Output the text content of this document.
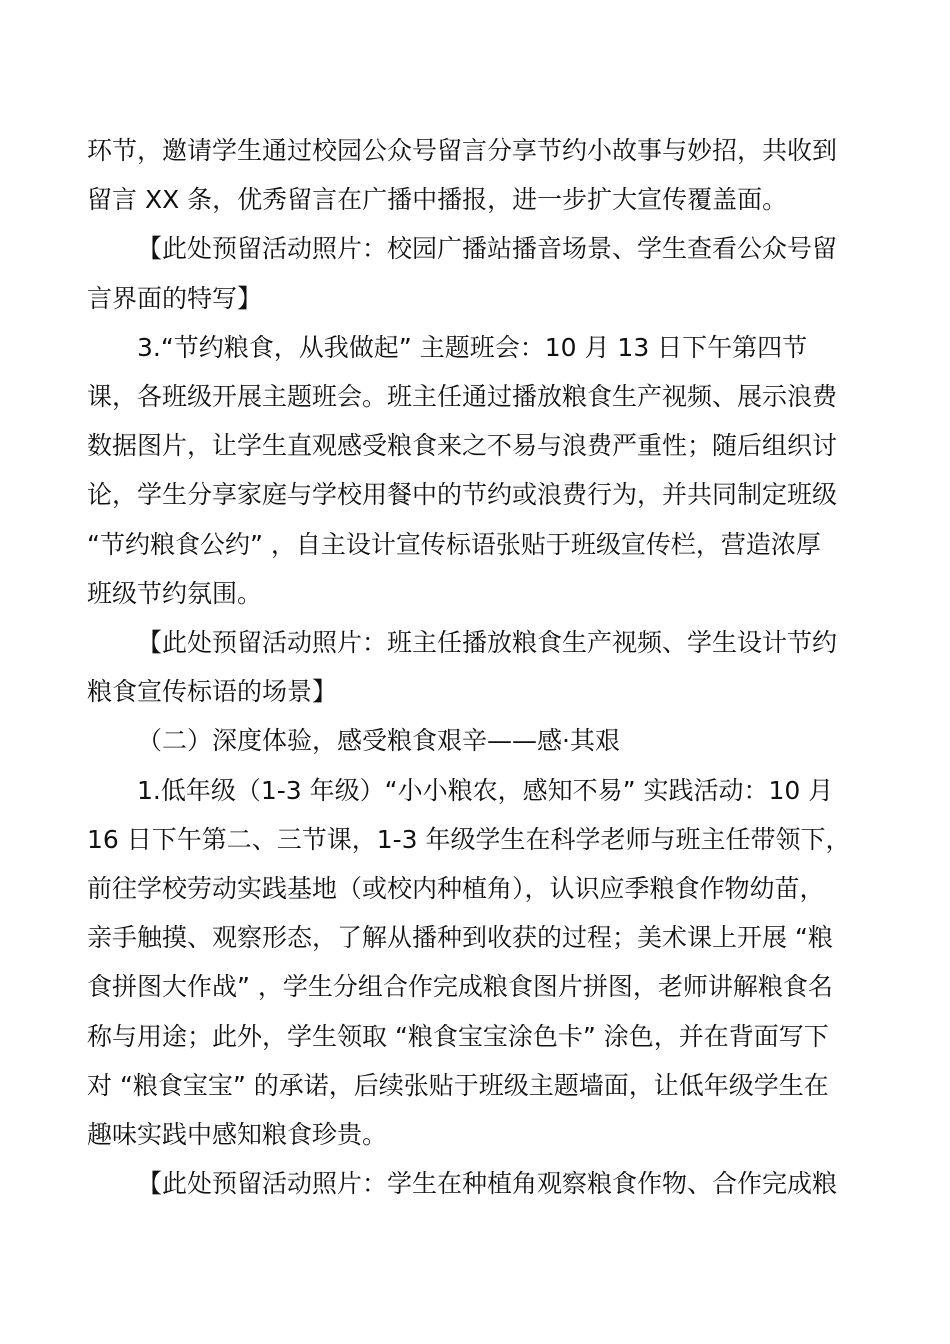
环节，邀请学生通过校园公众号留言分享节约小故事与妙招，共收到
留言 XX 条，优秀留言在广播中播报，进一步扩大宣传覆盖面。

【此处预留活动照片：校园广播站播音场景、学生查看公众号留
言界面的特写】

3.“节约粮食，从我做起” 主题班会：10 月 13 日下午第四节
课，各班级开展主题班会。班主任通过播放粮食生产视频、展示浪费
数据图片，让学生直观感受粮食来之不易与浪费严重性；随后组织讨
论，学生分享家庭与学校用餐中的节约或浪费行为，并共同制定班级
“节约粮食公约” ，自主设计宣传标语张贴于班级宣传栏，营造浓厚
班级节约氛围。

【此处预留活动照片：班主任播放粮食生产视频、学生设计节约
粮食宣传标语的场景】

（二）深度体验，感受粮食艰辛——感·其艰

1.低年级（1-3 年级）“小小粮农，感知不易” 实践活动：10 月
16 日下午第二、三节课，1-3 年级学生在科学老师与班主任带领下，
前往学校劳动实践基地（或校内种植角），认识应季粮食作物幼苗，
亲手触摸、观察形态，了解从播种到收获的过程；美术课上开展 “粮
食拼图大作战” ，学生分组合作完成粮食图片拼图，老师讲解粮食名
称与用途；此外，学生领取 “粮食宝宝涂色卡” 涂色，并在背面写下
对 “粮食宝宝” 的承诺，后续张贴于班级主题墙面，让低年级学生在
趣味实践中感知粮食珍贵。

【此处预留活动照片：学生在种植角观察粮食作物、合作完成粮
